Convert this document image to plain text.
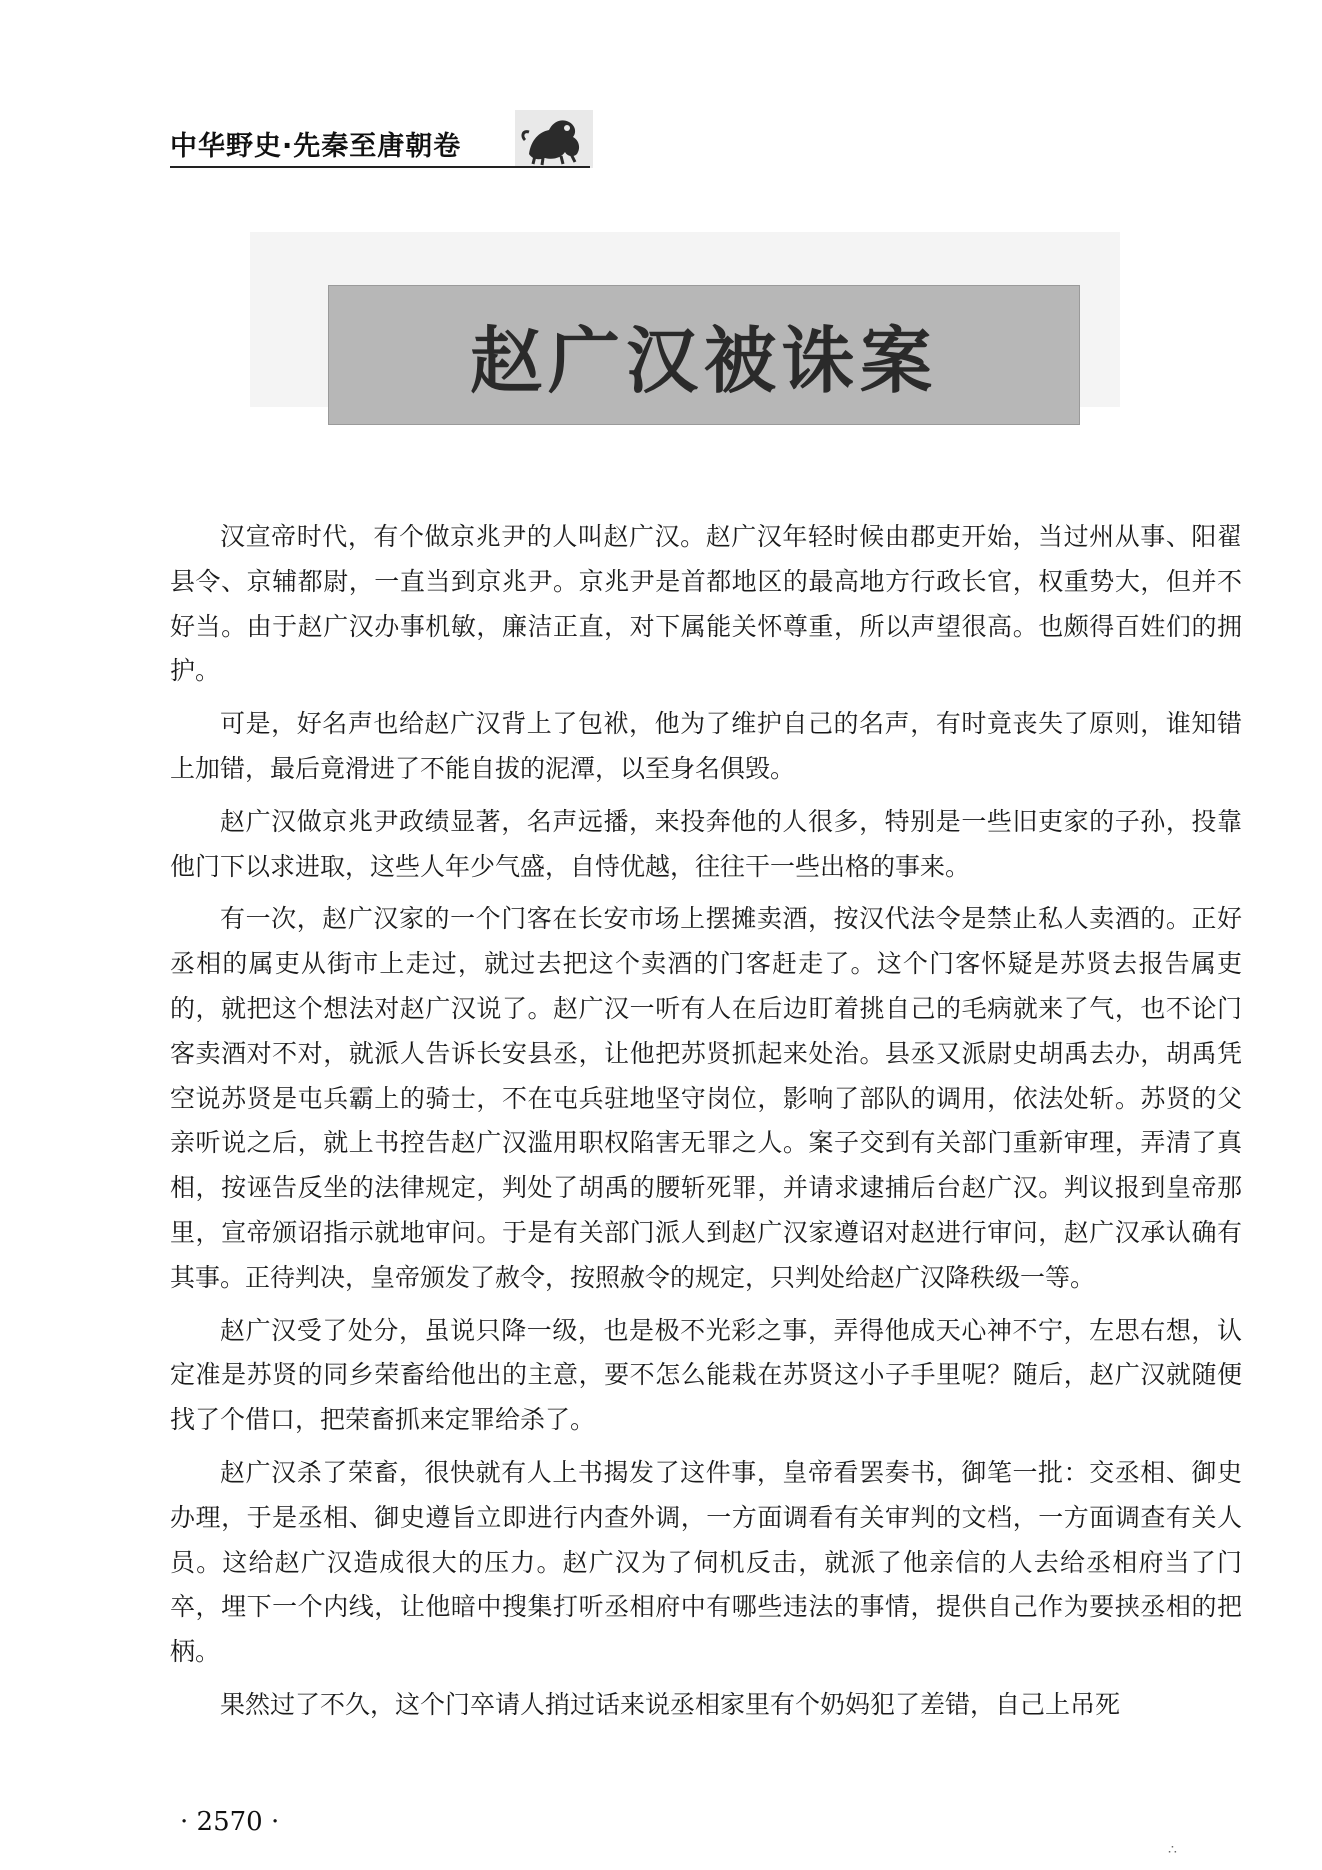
中华野史·先秦至唐朝卷
赵广汉被诛案

汉宣帝时代，有个做京兆尹的人叫赵广汉。赵广汉年轻时候由郡吏开始，当过州从事、阳翟县令、京辅都尉，一直当到京兆尹。京兆尹是首都地区的最高地方行政长官，权重势大，但并不好当。由于赵广汉办事机敏，廉洁正直，对下属能关怀尊重，所以声望很高。也颇得百姓们的拥护。

可是，好名声也给赵广汉背上了包袱，他为了维护自己的名声，有时竟丧失了原则，谁知错上加错，最后竟滑进了不能自拔的泥潭，以至身名俱毁。

赵广汉做京兆尹政绩显著，名声远播，来投奔他的人很多，特别是一些旧吏家的子孙，投靠他门下以求进取，这些人年少气盛，自恃优越，往往干一些出格的事来。

有一次，赵广汉家的一个门客在长安市场上摆摊卖酒，按汉代法令是禁止私人卖酒的。正好丞相的属吏从街市上走过，就过去把这个卖酒的门客赶走了。这个门客怀疑是苏贤去报告属吏的，就把这个想法对赵广汉说了。赵广汉一听有人在后边盯着挑自己的毛病就来了气，也不论门客卖酒对不对，就派人告诉长安县丞，让他把苏贤抓起来处治。县丞又派尉史胡禹去办，胡禹凭空说苏贤是屯兵霸上的骑士，不在屯兵驻地坚守岗位，影响了部队的调用，依法处斩。苏贤的父亲听说之后，就上书控告赵广汉滥用职权陷害无罪之人。案子交到有关部门重新审理，弄清了真相，按诬告反坐的法律规定，判处了胡禹的腰斩死罪，并请求逮捕后台赵广汉。判议报到皇帝那里，宣帝颁诏指示就地审问。于是有关部门派人到赵广汉家遵诏对赵进行审问，赵广汉承认确有其事。正待判决，皇帝颁发了赦令，按照赦令的规定，只判处给赵广汉降秩级一等。

赵广汉受了处分，虽说只降一级，也是极不光彩之事，弄得他成天心神不宁，左思右想，认定准是苏贤的同乡荣畜给他出的主意，要不怎么能栽在苏贤这小子手里呢？随后，赵广汉就随便找了个借口，把荣畜抓来定罪给杀了。

赵广汉杀了荣畜，很快就有人上书揭发了这件事，皇帝看罢奏书，御笔一批：交丞相、御史办理，于是丞相、御史遵旨立即进行内查外调，一方面调看有关审判的文档，一方面调查有关人员。这给赵广汉造成很大的压力。赵广汉为了伺机反击，就派了他亲信的人去给丞相府当了门卒，埋下一个内线，让他暗中搜集打听丞相府中有哪些违法的事情，提供自己作为要挟丞相的把柄。

果然过了不久，这个门卒请人捎过话来说丞相家里有个奶妈犯了差错，自己上吊死

· 2570 ·
∴
